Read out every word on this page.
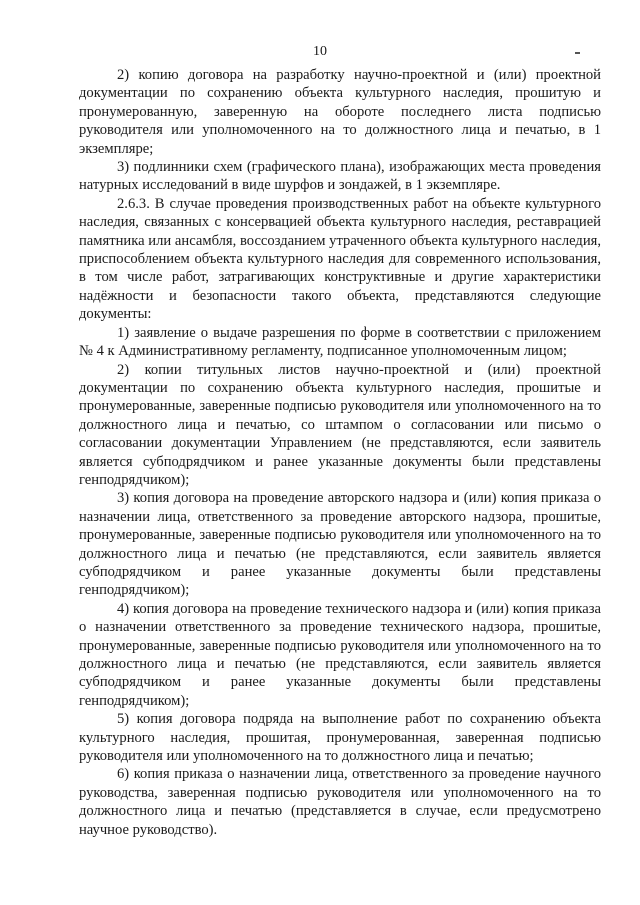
10

2) копию договора на разработку научно-проектной и (или) проектной документации по сохранению объекта культурного наследия, прошитую и пронумерованную, заверенную на обороте последнего листа подписью руководителя или уполномоченного на то должностного лица и печатью, в 1 экземпляре;

3) подлинники схем (графического плана), изображающих места проведения натурных исследований в виде шурфов и зондажей, в 1 экземпляре.

2.6.3. В случае проведения производственных работ на объекте культурного наследия, связанных с консервацией объекта культурного наследия, реставрацией памятника или ансамбля, воссозданием утраченного объекта культурного наследия, приспособлением объекта культурного наследия для современного использования, в том числе работ, затрагивающих конструктивные и другие характеристики надёжности и безопасности такого объекта, представляются следующие документы:

1) заявление о выдаче разрешения по форме в соответствии с приложением № 4 к Административному регламенту, подписанное уполномоченным лицом;

2) копии титульных листов научно-проектной и (или) проектной документации по сохранению объекта культурного наследия, прошитые и пронумерованные, заверенные подписью руководителя или уполномоченного на то должностного лица и печатью, со штампом о согласовании или письмо о согласовании документации Управлением (не представляются, если заявитель является субподрядчиком и ранее указанные документы были представлены генподрядчиком);

3) копия договора на проведение авторского надзора и (или) копия приказа о назначении лица, ответственного за проведение авторского надзора, прошитые, пронумерованные, заверенные подписью руководителя или уполномоченного на то должностного лица и печатью (не представляются, если заявитель является субподрядчиком и ранее указанные документы были представлены генподрядчиком);

4) копия договора на проведение технического надзора и (или) копия приказа о назначении ответственного за проведение технического надзора, прошитые, пронумерованные, заверенные подписью руководителя или уполномоченного на то должностного лица и печатью (не представляются, если заявитель является субподрядчиком и ранее указанные документы были представлены генподрядчиком);

5) копия договора подряда на выполнение работ по сохранению объекта культурного наследия, прошитая, пронумерованная, заверенная подписью руководителя или уполномоченного на то должностного лица и печатью;

6) копия приказа о назначении лица, ответственного за проведение научного руководства, заверенная подписью руководителя или уполномоченного на то должностного лица и печатью (представляется в случае, если предусмотрено научное руководство).
